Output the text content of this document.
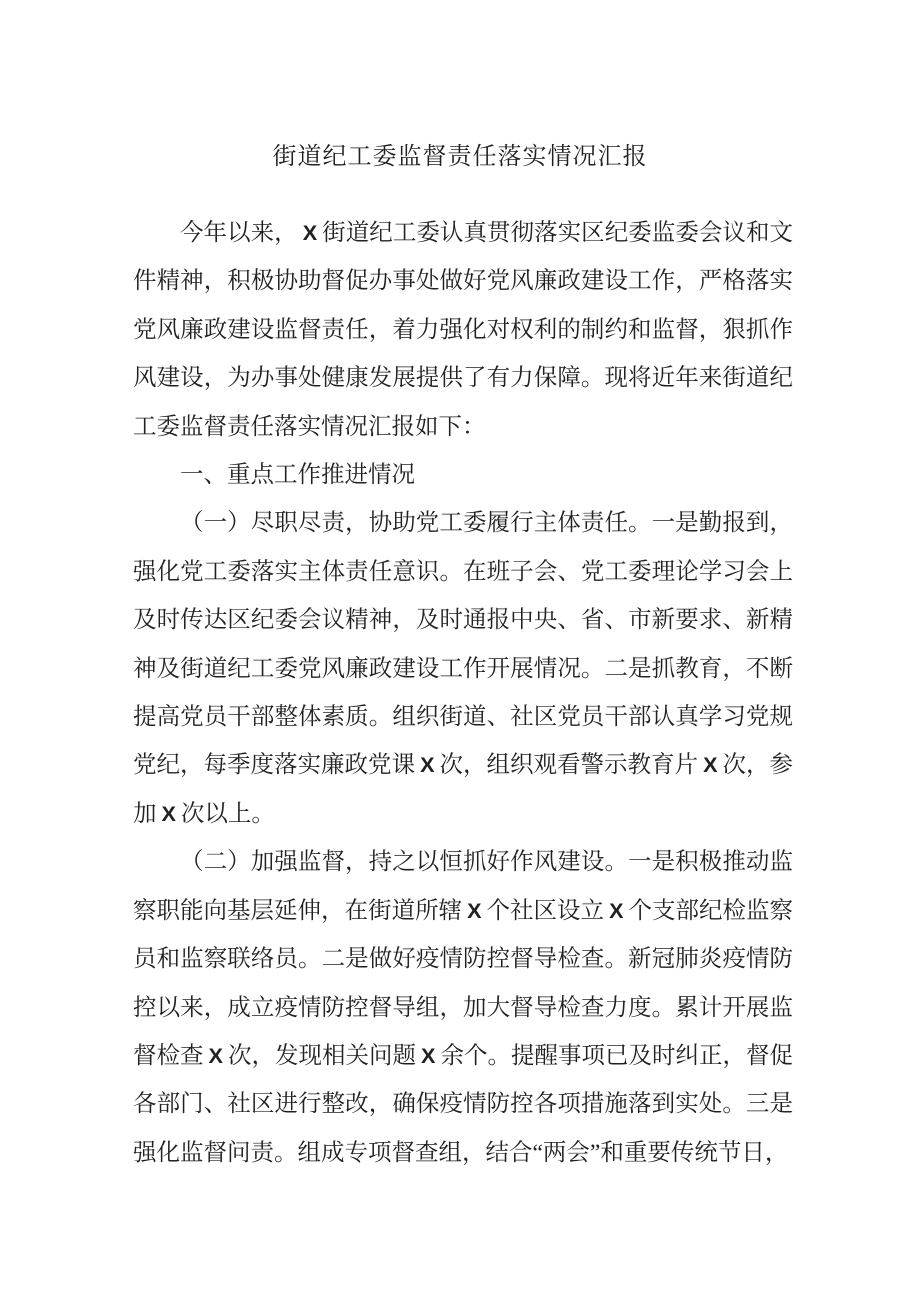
街道纪工委监督责任落实情况汇报

今年以来， X 街道纪工委认真贯彻落实区纪委监委会议和文件精神，积极协助督促办事处做好党风廉政建设工作，严格落实党风廉政建设监督责任，着力强化对权利的制约和监督，狠抓作风建设，为办事处健康发展提供了有力保障。现将近年来街道纪工委监督责任落实情况汇报如下：

一、重点工作推进情况

（一）尽职尽责，协助党工委履行主体责任。一是勤报到，强化党工委落实主体责任意识。在班子会、党工委理论学习会上及时传达区纪委会议精神，及时通报中央、省、市新要求、新精神及街道纪工委党风廉政建设工作开展情况。二是抓教育，不断提高党员干部整体素质。组织街道、社区党员干部认真学习党规党纪，每季度落实廉政党课 X 次，组织观看警示教育片 X 次，参加 X 次以上。

（二）加强监督，持之以恒抓好作风建设。一是积极推动监察职能向基层延伸，在街道所辖 X 个社区设立 X 个支部纪检监察员和监察联络员。二是做好疫情防控督导检查。新冠肺炎疫情防控以来，成立疫情防控督导组，加大督导检查力度。累计开展监督检查 X 次，发现相关问题 X 余个。提醒事项已及时纠正，督促各部门、社区进行整改，确保疫情防控各项措施落到实处。三是强化监督问责。组成专项督查组，结合“两会”和重要传统节日，
